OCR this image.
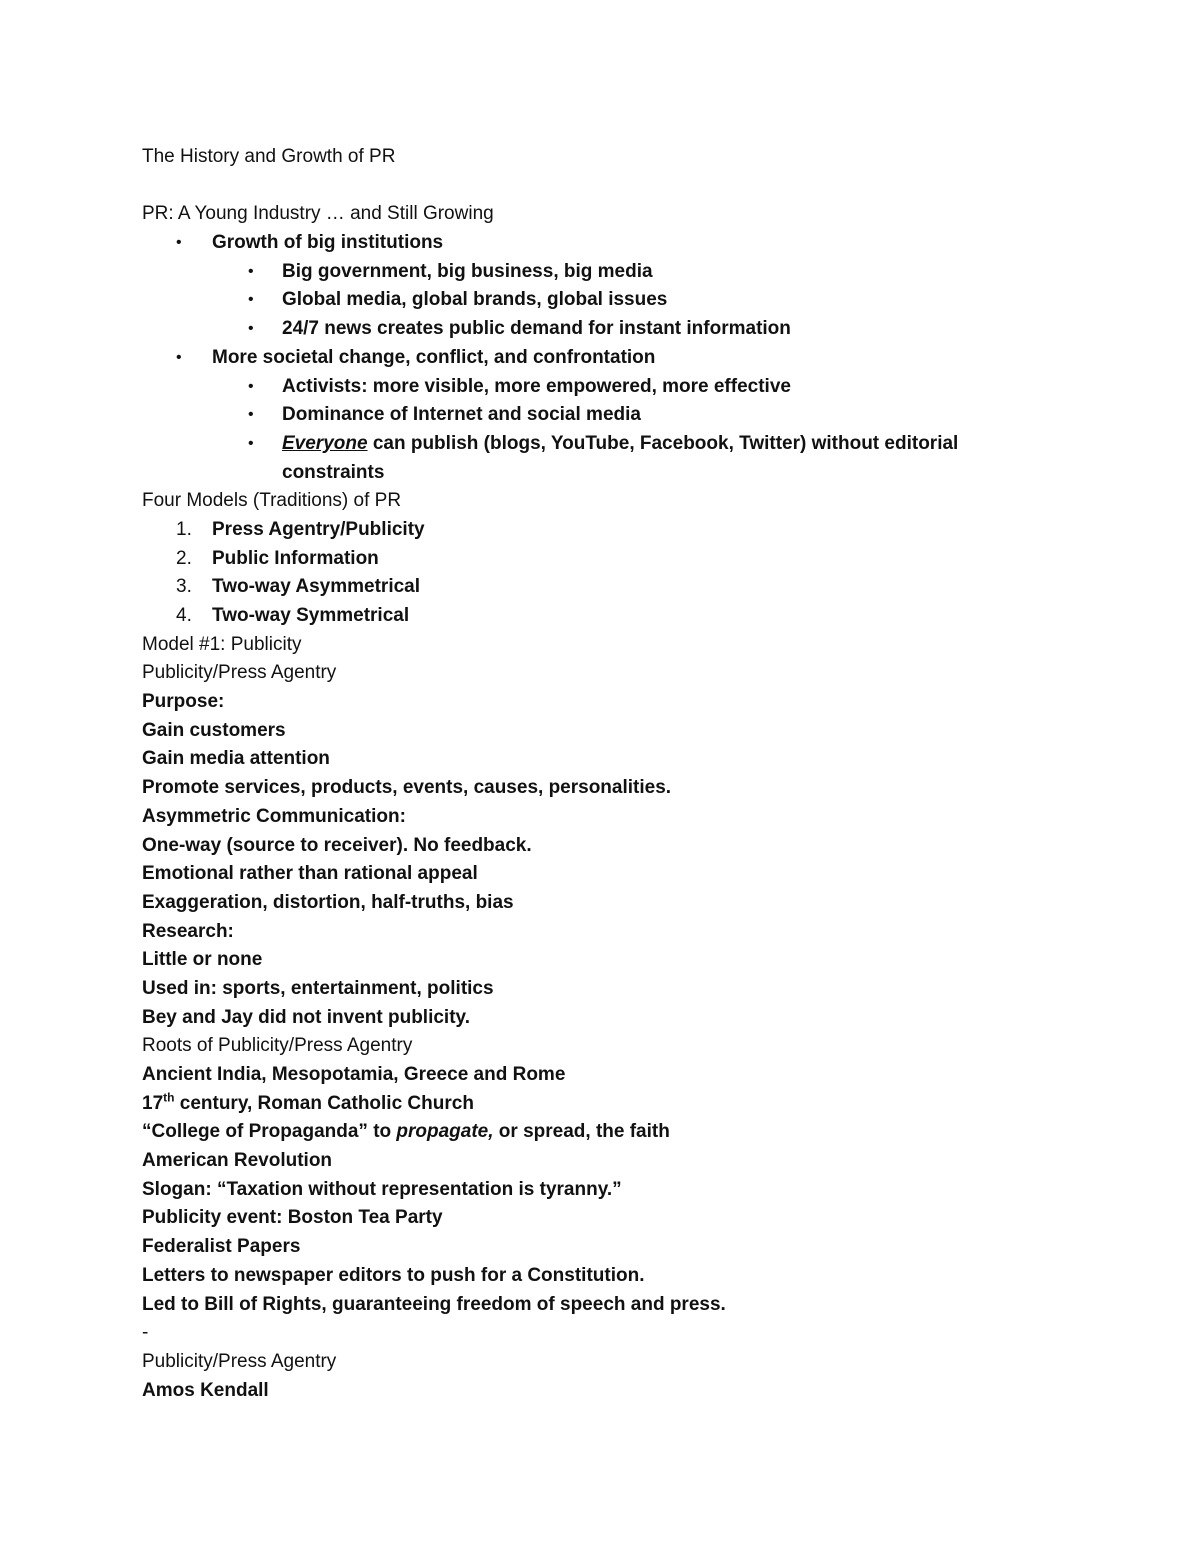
The History and Growth of PR
PR: A Young Industry … and Still Growing
• Growth of big institutions
• Big government, big business, big media
• Global media, global brands, global issues
• 24/7 news creates public demand for instant information
• More societal change, conflict, and confrontation
• Activists: more visible, more empowered, more effective
• Dominance of Internet and social media
• Everyone can publish (blogs, YouTube, Facebook, Twitter) without editorial
constraints
Four Models (Traditions) of PR
1. Press Agentry/Publicity
2. Public Information
3. Two-way Asymmetrical
4. Two-way Symmetrical
Model #1: Publicity
Publicity/Press Agentry
Purpose:
Gain customers
Gain media attention
Promote services, products, events, causes, personalities.
Asymmetric Communication:
One-way (source to receiver). No feedback.
Emotional rather than rational appeal
Exaggeration, distortion, half-truths, bias
Research:
Little or none
Used in: sports, entertainment, politics
Bey and Jay did not invent publicity.
Roots of Publicity/Press Agentry
Ancient India, Mesopotamia, Greece and Rome
17th century, Roman Catholic Church
“College of Propaganda” to propagate, or spread, the faith
American Revolution
Slogan: “Taxation without representation is tyranny.”
Publicity event: Boston Tea Party
Federalist Papers
Letters to newspaper editors to push for a Constitution.
Led to Bill of Rights, guaranteeing freedom of speech and press.
-
Publicity/Press Agentry
Amos Kendall
